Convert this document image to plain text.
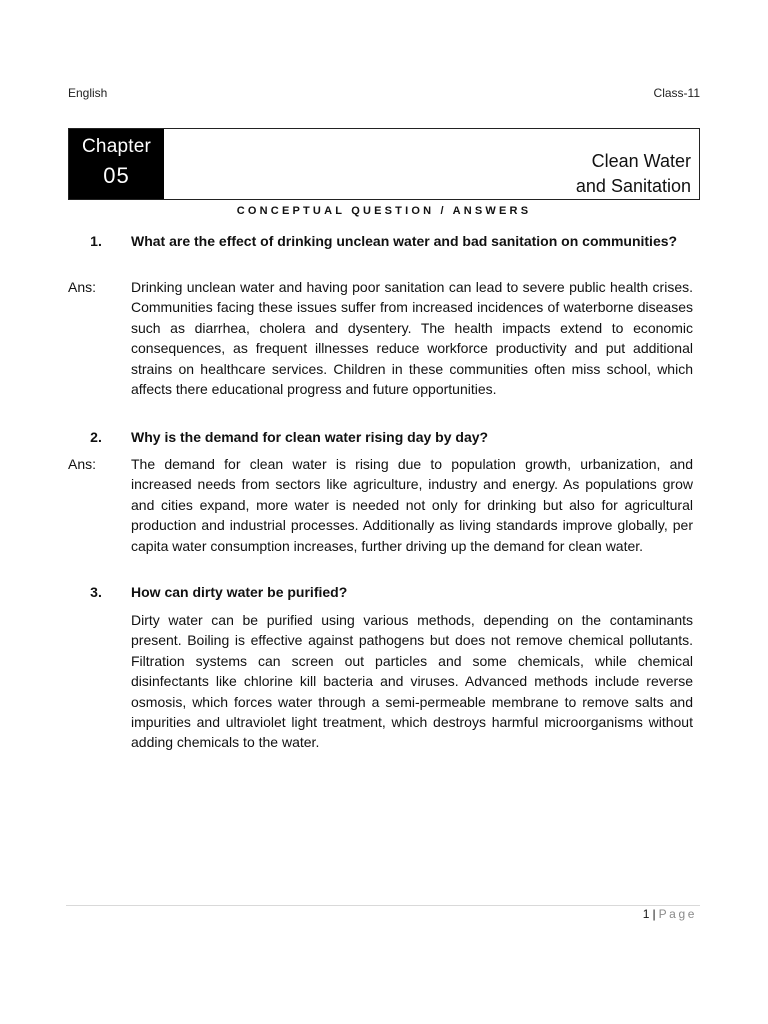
English	Class-11
Chapter
05
Clean Water
and Sanitation
CONCEPTUAL QUESTION / ANSWERS
1.	What are the effect of drinking unclean water and bad sanitation on communities?
Ans:	Drinking unclean water and having poor sanitation can lead to severe public health crises. Communities facing these issues suffer from increased incidences of waterborne diseases such as diarrhea, cholera and dysentery. The health impacts extend to economic consequences, as frequent illnesses reduce workforce productivity and put additional strains on healthcare services. Children in these communities often miss school, which affects there educational progress and future opportunities.
2.	Why is the demand for clean water rising day by day?
Ans:	The demand for clean water is rising due to population growth, urbanization, and increased needs from sectors like agriculture, industry and energy. As populations grow and cities expand, more water is needed not only for drinking but also for agricultural production and industrial processes. Additionally as living standards improve globally, per capita water consumption increases, further driving up the demand for clean water.
3.	How can dirty water be purified?
Dirty water can be purified using various methods, depending on the contaminants present. Boiling is effective against pathogens but does not remove chemical pollutants. Filtration systems can screen out particles and some chemicals, while chemical disinfectants like chlorine kill bacteria and viruses. Advanced methods include reverse osmosis, which forces water through a semi-permeable membrane to remove salts and impurities and ultraviolet light treatment, which destroys harmful microorganisms without adding chemicals to the water.
1 | Page
